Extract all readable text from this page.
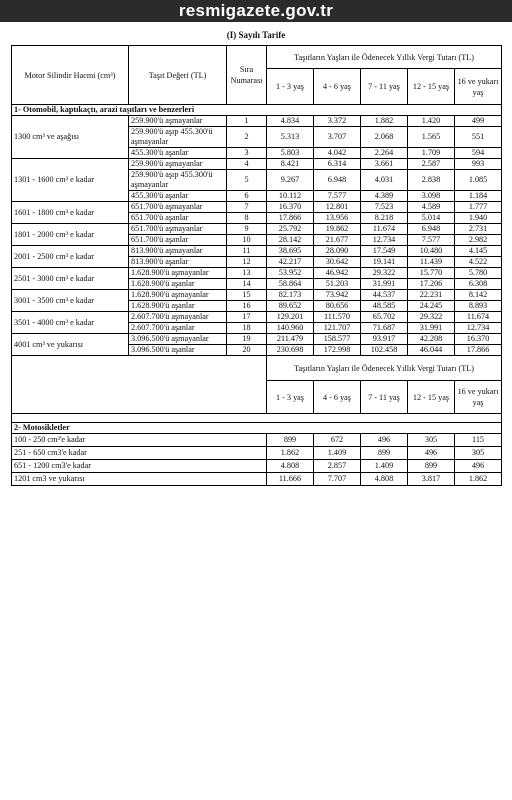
resmigazete.gov.tr
(I) Sayılı Tarife
Motor Silindir Hacmi (cm³)	Taşıt Değeri (TL)	Sıra Numarası	Taşıtların Yaşları ile Ödenecek Yıllık Vergi Tutarı (TL)				
			1 - 3 yaş	4 - 6 yaş	7 - 11 yaş	12 - 15 yaş	16 ve yukarı yaş
1- Otomobil, kaptıkaçtı, arazi taşıtları ve benzerleri							
1300 cm³ ve aşağısı	259.900'ü aşmayanlar	1	4.834	3.372	1.882	1.420	499
	259.900'ü aşıp 455.300'ü aşmayanlar	2	5.313	3.707	2.068	1.565	551
	455.300'ü aşanlar	3	5.803	4.042	2.264	1.709	594
1301 - 1600 cm³ e kadar	259.900'ü aşmayanlar	4	8.421	6.314	3.661	2.587	993
	259.900'ü aşıp 455.300'ü aşmayanlar	5	9.267	6.948	4.031	2.838	1.085
	455.300'ü aşanlar	6	10.112	7.577	4.389	3.098	1.184
1601 - 1800 cm³ e kadar	651.700'ü aşmayanlar	7	16.370	12.801	7.523	4.589	1.777
	651.700'ü aşanlar	8	17.866	13.956	8.218	5.014	1.940
1801 - 2000 cm³ e kadar	651.700'ü aşmayanlar	9	25.792	19.862	11.674	6.948	2.731
	651.700'ü aşanlar	10	28.142	21.677	12.734	7.577	2.982
2001 - 2500 cm³ e kadar	813.900'ü aşmayanlar	11	38.695	28.090	17.549	10.480	4.145
	813.900'ü aşanlar	12	42.217	30.642	19.141	11.439	4.522
2501 - 3000 cm³ e kadar	1.628.900'ü aşmayanlar	13	53.952	46.942	29.322	15.770	5.780
	1.628.900'ü aşanlar	14	58.864	51.203	31.991	17.206	6.308
3001 - 3500 cm³ e kadar	1.628.900'ü aşmayanlar	15	82.173	73.942	44.537	22.231	8.142
	1.628.900'ü aşanlar	16	89.652	80.656	48.585	24.245	8.893
3501 - 4000 cm³ e kadar	2.607.700'ü aşmayanlar	17	129.201	111.570	65.702	29.322	11.674
	2.607.700'ü aşanlar	18	140.960	121.707	71.687	31.991	12.734
4001 cm³ ve yukarısı	3.096.500'ü aşmayanlar	19	211.479	158.577	93.917	42.208	16.370
	3.096.500'ü aşanlar	20	230.698	172.998	102.458	46.044	17.866
			Taşıtların Yaşları ile Ödenecek Yıllık Vergi Tutarı (TL)				
			1 - 3 yaş	4 - 6 yaş	7 - 11 yaş	12 - 15 yaş	16 ve yukarı yaş

2- Motosikletler							
100 - 250 cm³'e kadar			899	672	496	305	115
251 - 650 cm3'e kadar			1.862	1.409	899	496	305
651 - 1200 cm3'e kadar			4.808	2.857	1.409	899	496
1201 cm3 ve yukarısı			11.666	7.707	4.808	3.817	1.862
